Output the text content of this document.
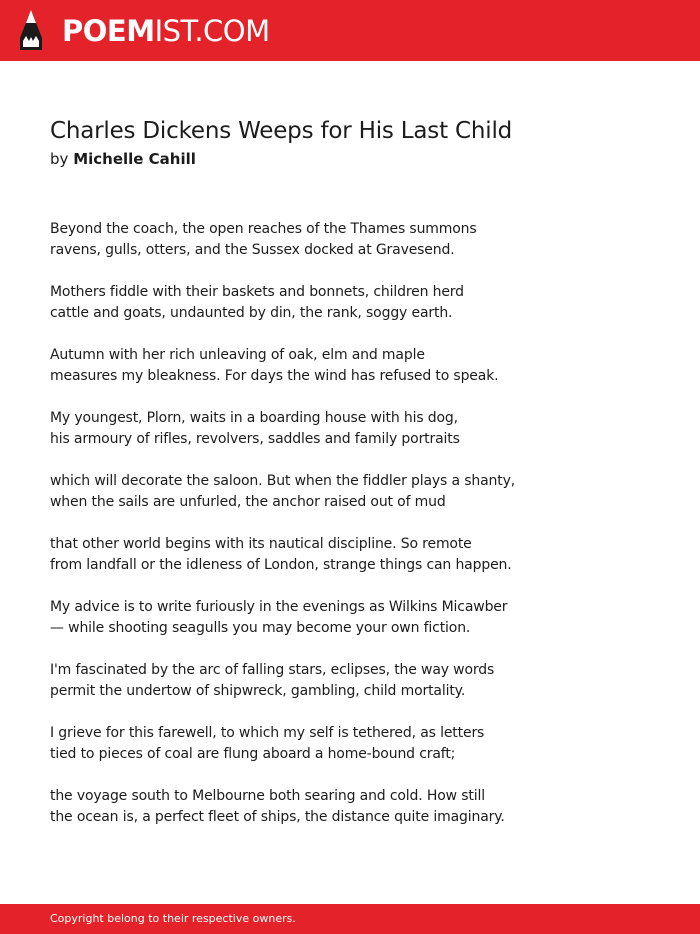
POEMIST.COM
Charles Dickens Weeps for His Last Child
by Michelle Cahill
Beyond the coach, the open reaches of the Thames summons
ravens, gulls, otters, and the Sussex docked at Gravesend.
Mothers fiddle with their baskets and bonnets, children herd
cattle and goats, undaunted by din, the rank, soggy earth.
Autumn with her rich unleaving of oak, elm and maple
measures my bleakness. For days the wind has refused to speak.
My youngest, Plorn, waits in a boarding house with his dog,
his armoury of rifles, revolvers, saddles and family portraits
which will decorate the saloon. But when the fiddler plays a shanty,
when the sails are unfurled, the anchor raised out of mud
that other world begins with its nautical discipline. So remote
from landfall or the idleness of London, strange things can happen.
My advice is to write furiously in the evenings as Wilkins Micawber
— while shooting seagulls you may become your own fiction.
I'm fascinated by the arc of falling stars, eclipses, the way words
permit the undertow of shipwreck, gambling, child mortality.
I grieve for this farewell, to which my self is tethered, as letters
tied to pieces of coal are flung aboard a home-bound craft;
the voyage south to Melbourne both searing and cold. How still
the ocean is, a perfect fleet of ships, the distance quite imaginary.
Copyright belong to their respective owners.
